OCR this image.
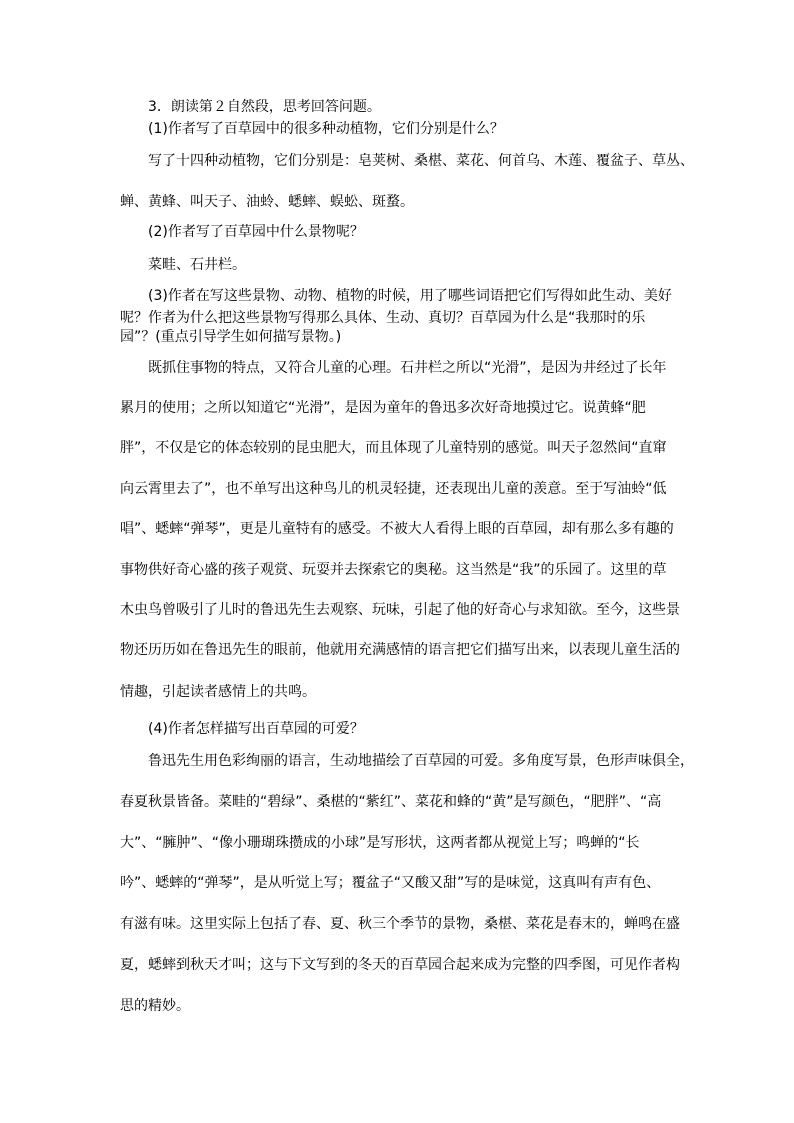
3．朗读第２自然段，思考回答问题。
(1)作者写了百草园中的很多种动植物，它们分别是什么？
写了十四种动植物，它们分别是：皂荚树、桑椹、菜花、何首乌、木莲、覆盆子、草丛、
蝉、黄蜂、叫天子、油蛉、蟋蟀、蜈蚣、斑蝥。
(2)作者写了百草园中什么景物呢？
菜畦、石井栏。
(3)作者在写这些景物、动物、植物的时候，用了哪些词语把它们写得如此生动、美好
呢？作者为什么把这些景物写得那么具体、生动、真切？百草园为什么是“我那时的乐
园”？(重点引导学生如何描写景物。)
既抓住事物的特点，又符合儿童的心理。石井栏之所以“光滑”，是因为井经过了长年
累月的使用；之所以知道它“光滑”，是因为童年的鲁迅多次好奇地摸过它。说黄蜂“肥
胖”，不仅是它的体态较别的昆虫肥大，而且体现了儿童特别的感觉。叫天子忽然间“直窜
向云霄里去了”，也不单写出这种鸟儿的机灵轻捷，还表现出儿童的羡意。至于写油蛉“低
唱”、蟋蟀“弹琴”，更是儿童特有的感受。不被大人看得上眼的百草园，却有那么多有趣的
事物供好奇心盛的孩子观赏、玩耍并去探索它的奥秘。这当然是“我”的乐园了。这里的草
木虫鸟曾吸引了儿时的鲁迅先生去观察、玩味，引起了他的好奇心与求知欲。至今，这些景
物还历历如在鲁迅先生的眼前，他就用充满感情的语言把它们描写出来，以表现儿童生活的
情趣，引起读者感情上的共鸣。
(4)作者怎样描写出百草园的可爱？
鲁迅先生用色彩绚丽的语言，生动地描绘了百草园的可爱。多角度写景，色形声味俱全，
春夏秋景皆备。菜畦的“碧绿”、桑椹的“紫红”、菜花和蜂的“黄”是写颜色，“肥胖”、“高
大”、“臃肿”、“像小珊瑚珠攒成的小球”是写形状，这两者都从视觉上写；鸣蝉的“长
吟”、蟋蟀的“弹琴”，是从听觉上写；覆盆子“又酸又甜”写的是味觉，这真叫有声有色、
有滋有味。这里实际上包括了春、夏、秋三个季节的景物，桑椹、菜花是春末的，蝉鸣在盛
夏，蟋蟀到秋天才叫；这与下文写到的冬天的百草园合起来成为完整的四季图，可见作者构
思的精妙。
